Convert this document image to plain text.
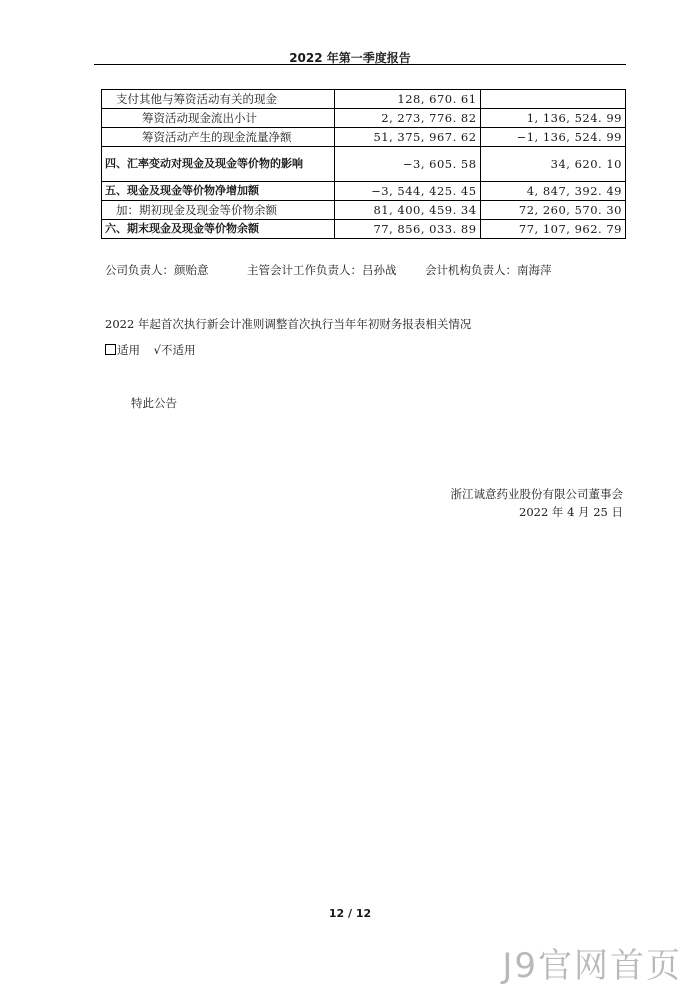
2022 年第一季度报告
支付其他与筹资活动有关的现金	128, 670. 61	
筹资活动现金流出小计	2, 273, 776. 82	1, 136, 524. 99
筹资活动产生的现金流量净额	51, 375, 967. 62	−1, 136, 524. 99
四、汇率变动对现金及现金等价物的影响	−3, 605. 58	34, 620. 10
五、现金及现金等价物净增加额	−3, 544, 425. 45	4, 847, 392. 49
加：期初现金及现金等价物余额	81, 400, 459. 34	72, 260, 570. 30
六、期末现金及现金等价物余额	77, 856, 033. 89	77, 107, 962. 79
公司负责人：颜贻意	主管会计工作负责人：吕孙战 会计机构负责人：南海萍
2022 年起首次执行新会计准则调整首次执行当年年初财务报表相关情况
适用 √不适用
特此公告
浙江诚意药业股份有限公司董事会
2022 年 4 月 25 日
12 / 12
J9官网首页
